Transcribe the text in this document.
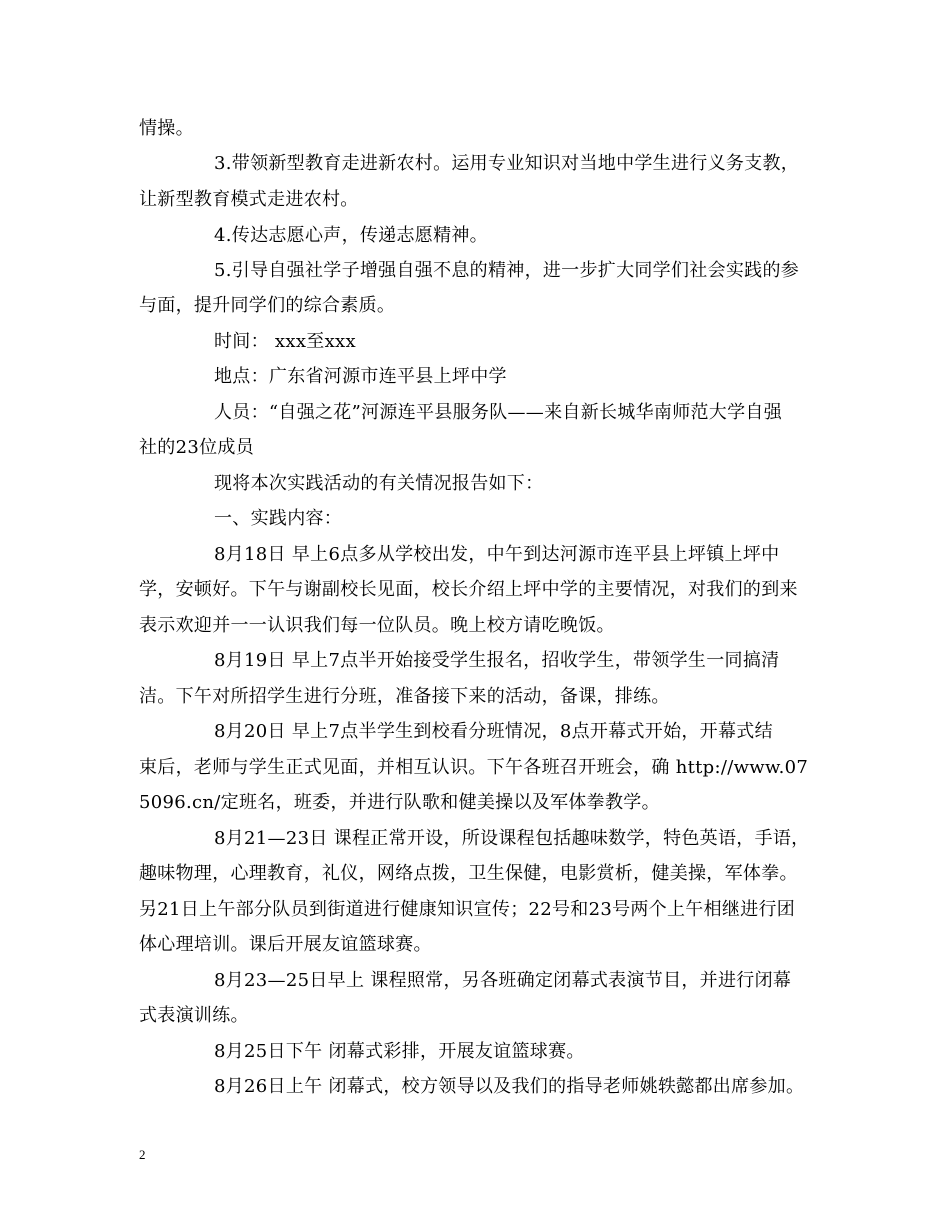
情操。
3.带领新型教育走进新农村。运用专业知识对当地中学生进行义务支教，
让新型教育模式走进农村。
4.传达志愿心声，传递志愿精神。
5.引导自强社学子增强自强不息的精神，进一步扩大同学们社会实践的参
与面，提升同学们的综合素质。
时间： xxx至xxx
地点：广东省河源市连平县上坪中学
人员：“自强之花”河源连平县服务队——来自新长城华南师范大学自强
社的23位成员
现将本次实践活动的有关情况报告如下：
一、实践内容：
8月18日 早上6点多从学校出发，中午到达河源市连平县上坪镇上坪中
学，安顿好。下午与谢副校长见面，校长介绍上坪中学的主要情况，对我们的到来
表示欢迎并一一认识我们每一位队员。晚上校方请吃晚饭。
8月19日 早上7点半开始接受学生报名，招收学生，带领学生一同搞清
洁。下午对所招学生进行分班，准备接下来的活动，备课，排练。
8月20日 早上7点半学生到校看分班情况，8点开幕式开始，开幕式结
束后，老师与学生正式见面，并相互认识。下午各班召开班会，确 http://www.07
5096.cn/定班名，班委，并进行队歌和健美操以及军体拳教学。
8月21—23日 课程正常开设，所设课程包括趣味数学，特色英语，手语，
趣味物理，心理教育，礼仪，网络点拨，卫生保健，电影赏析，健美操，军体拳。
另21日上午部分队员到街道进行健康知识宣传；22号和23号两个上午相继进行团
体心理培训。课后开展友谊篮球赛。
8月23—25日早上 课程照常，另各班确定闭幕式表演节目，并进行闭幕
式表演训练。
8月25日下午 闭幕式彩排，开展友谊篮球赛。
8月26日上午 闭幕式，校方领导以及我们的指导老师姚轶懿都出席参加。
2
